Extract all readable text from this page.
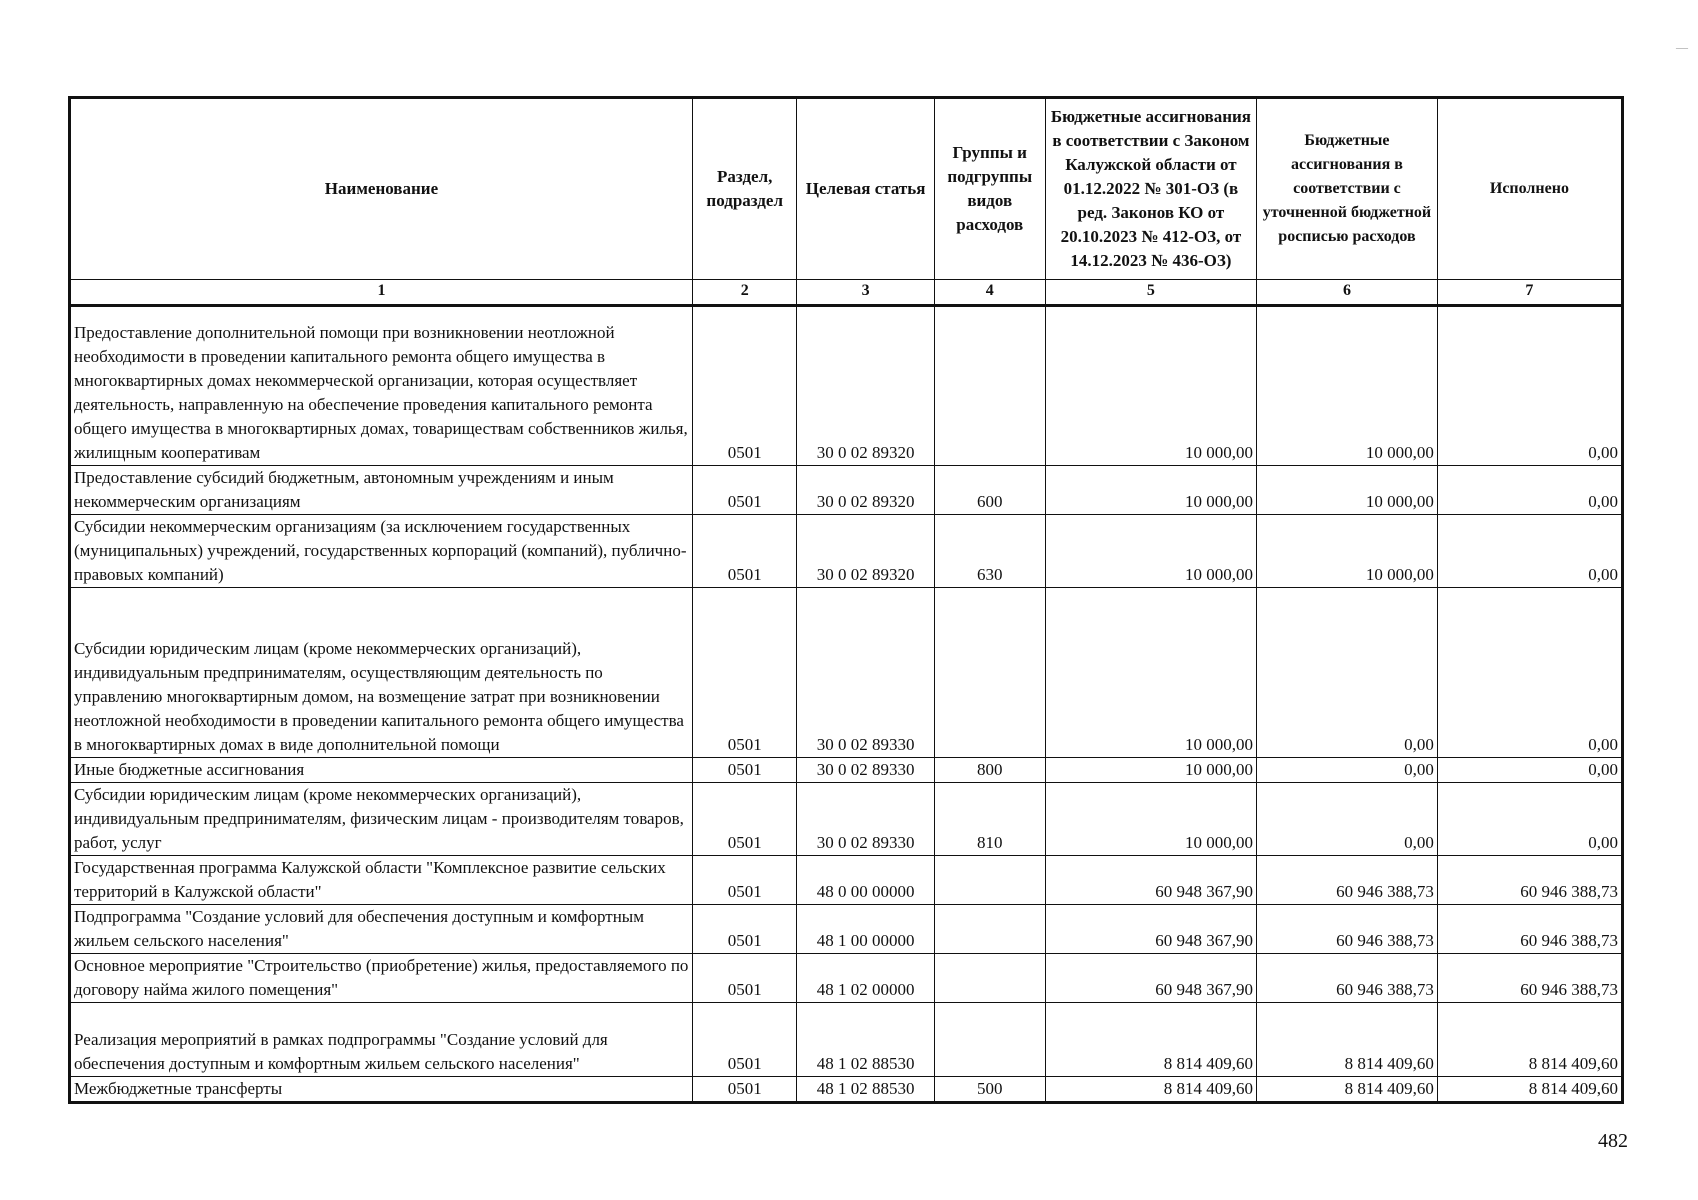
—
Наименование	Раздел, подраздел	Целевая статья	Группы и подгруппы видов расходов	Бюджетные ассигнования в соответствии с Законом Калужской области от 01.12.2022 № 301-ОЗ (в ред. Законов КО от 20.10.2023 № 412-ОЗ, от 14.12.2023 № 436-ОЗ)	Бюджетные ассигнования в соответствии с уточненной бюджетной росписью расходов	Исполнено
1	2	3	4	5	6	7
Предоставление дополнительной помощи при возникновении неотложной необходимости в проведении капитального ремонта общего имущества в многоквартирных домах некоммерческой организации, которая осуществляет деятельность, направленную на обеспечение проведения капитального ремонта общего имущества в многоквартирных домах, товариществам собственников жилья, жилищным кооперативам	0501	30 0 02 89320		10 000,00	10 000,00	0,00
Предоставление субсидий бюджетным, автономным учреждениям и иным некоммерческим организациям	0501	30 0 02 89320	600	10 000,00	10 000,00	0,00
Субсидии некоммерческим организациям (за исключением государственных (муниципальных) учреждений, государственных корпораций (компаний), публично-правовых компаний)	0501	30 0 02 89320	630	10 000,00	10 000,00	0,00
Субсидии юридическим лицам (кроме некоммерческих организаций), индивидуальным предпринимателям, осуществляющим деятельность по управлению многоквартирным домом, на возмещение затрат при возникновении неотложной необходимости в проведении капитального ремонта общего имущества в многоквартирных домах в виде дополнительной помощи	0501	30 0 02 89330		10 000,00	0,00	0,00
Иные бюджетные ассигнования	0501	30 0 02 89330	800	10 000,00	0,00	0,00
Субсидии юридическим лицам (кроме некоммерческих организаций), индивидуальным предпринимателям, физическим лицам - производителям товаров, работ, услуг	0501	30 0 02 89330	810	10 000,00	0,00	0,00
Государственная программа Калужской области "Комплексное развитие сельских территорий в Калужской области"	0501	48 0 00 00000		60 948 367,90	60 946 388,73	60 946 388,73
Подпрограмма "Создание условий для обеспечения доступным и комфортным жильем сельского населения"	0501	48 1 00 00000		60 948 367,90	60 946 388,73	60 946 388,73
Основное мероприятие "Строительство (приобретение) жилья, предоставляемого по договору найма жилого помещения"	0501	48 1 02 00000		60 948 367,90	60 946 388,73	60 946 388,73
Реализация мероприятий в рамках подпрограммы "Создание условий для обеспечения доступным и комфортным жильем сельского населения"	0501	48 1 02 88530		8 814 409,60	8 814 409,60	8 814 409,60
Межбюджетные трансферты	0501	48 1 02 88530	500	8 814 409,60	8 814 409,60	8 814 409,60
482
